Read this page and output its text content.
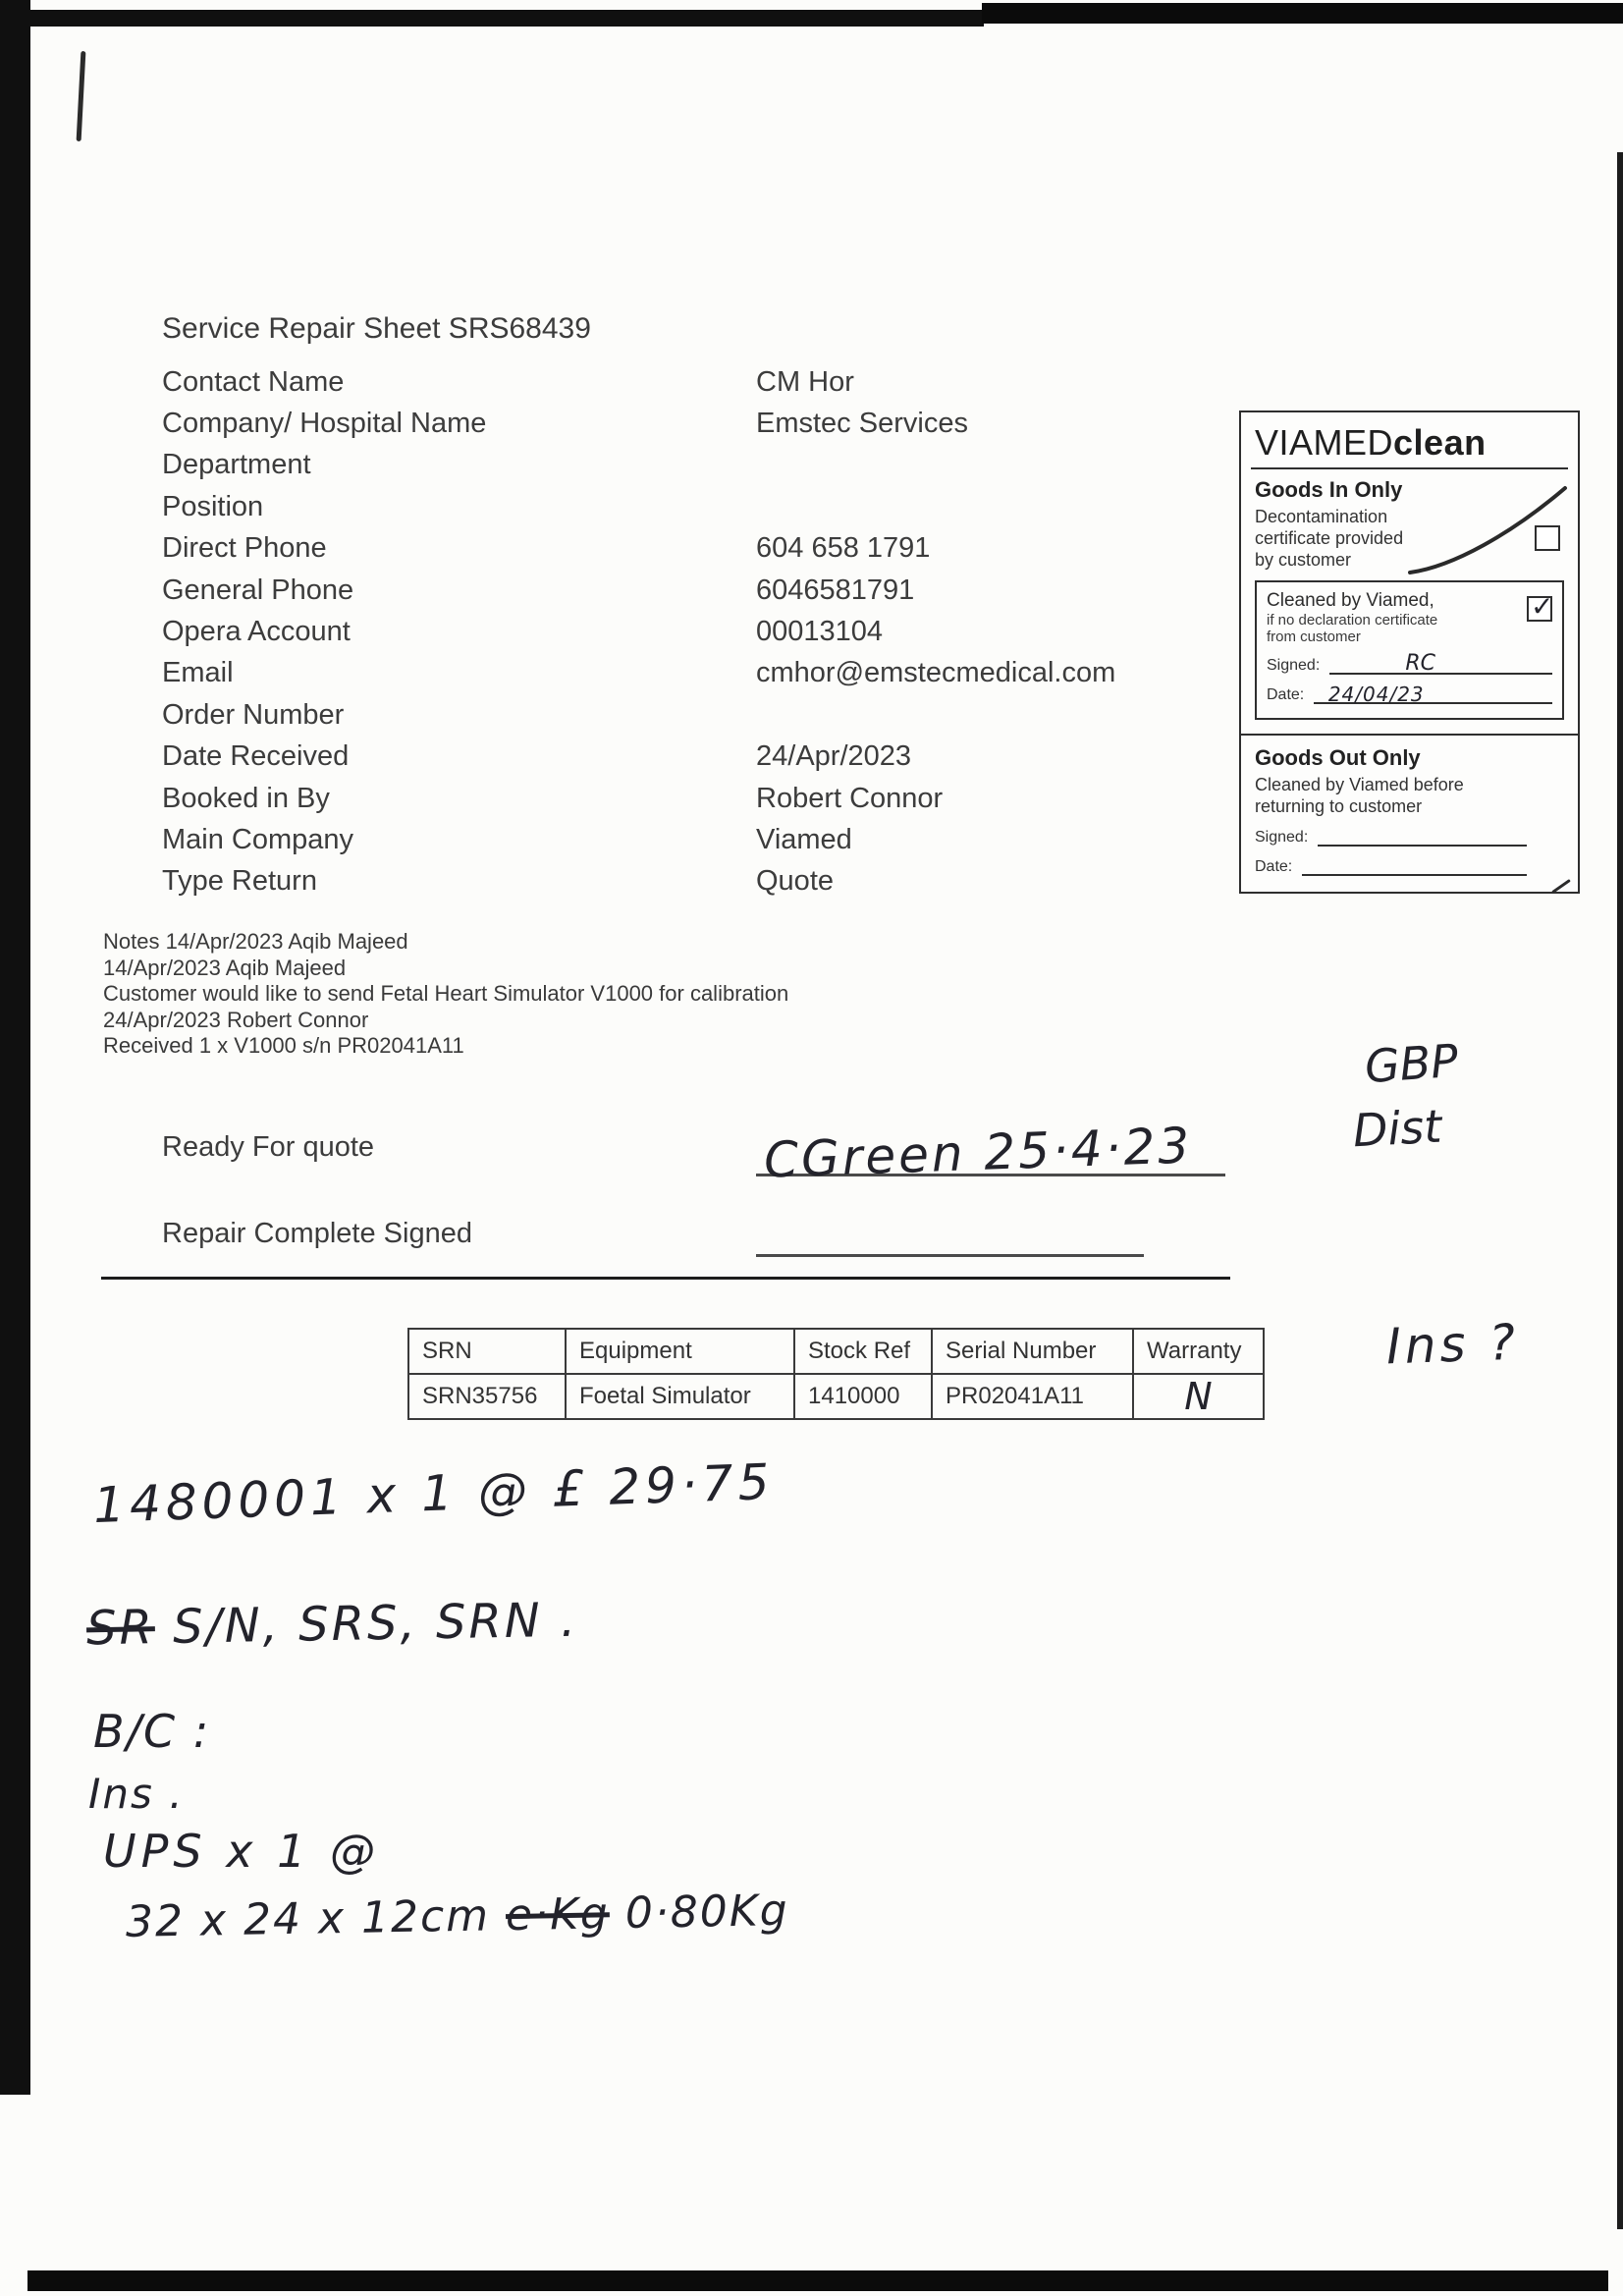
Service Repair Sheet SRS68439
Contact Name	CM Hor
Company/ Hospital Name	Emstec Services
Department
Position
Direct Phone	604 658 1791
General Phone	6046581791
Opera Account	00013104
Email	cmhor@emstecmedical.com
Order Number
Date Received	24/Apr/2023
Booked in By	Robert Connor
Main Company	Viamed
Type Return	Quote
VIAMEDclean
Goods In Only
Decontamination
certificate provided
by customer
✓
Cleaned by Viamed,
if no declaration certificate
from customer
Signed:	RC
Date: 24/04/23
Goods Out Only
Cleaned by Viamed before
returning to customer
Signed:
Date:
Notes 14/Apr/2023 Aqib Majeed
14/Apr/2023 Aqib Majeed
Customer would like to send Fetal Heart Simulator V1000 for calibration
24/Apr/2023 Robert Connor
Received 1 x V1000 s/n PR02041A11
Ready For quote	CGreen 25·4·23
GBP
Dist
Repair Complete Signed
SRN	Equipment	Stock Ref	Serial Number	Warranty
SRN35756	Foetal Simulator	1410000	PR02041A11	N
Ins ?
1480001 x 1 @ £ 29·75
SR S/N, SRS, SRN .
B/C :
Ins .
UPS x 1 @
32 x 24 x 12cm e·Kg 0·80Kg
